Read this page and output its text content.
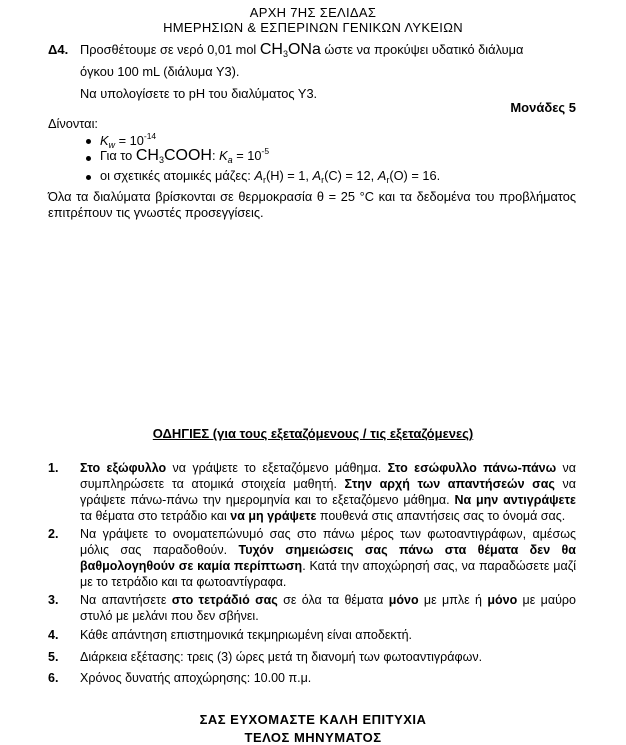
ΑΡΧΗ 7ΗΣ ΣΕΛΙΔΑΣ
ΗΜΕΡΗΣΙΩΝ & ΕΣΠΕΡΙΝΩΝ ΓΕΝΙΚΩΝ ΛΥΚΕΙΩΝ
Δ4. Προσθέτουμε σε νερό 0,01 mol $CH_3ONa$ ώστε να προκύψει υδατικό διάλυμα
όγκου 100 mL (διάλυμα Υ3).
Να υπολογίσετε το pH του διαλύματος Υ3.
Μονάδες 5
Δίνονται:
$K_w = 10^{-14}$
Για το $CH_3COOH$: $K_a = 10^{-5}$
οι σχετικές ατομικές μάζες: $A_r(H) = 1$, $A_r(C) = 12$, $A_r(O) = 16$.
Όλα τα διαλύματα βρίσκονται σε θερμοκρασία θ = 25 °C και τα δεδομένα του προβλήματος επιτρέπουν τις γνωστές προσεγγίσεις.
ΟΔΗΓΙΕΣ (για τους εξεταζόμενους / τις εξεταζόμενες)
1. Στο εξώφυλλο να γράψετε το εξεταζόμενο μάθημα. Στο εσώφυλλο πάνω-πάνω να συμπληρώσετε τα ατομικά στοιχεία μαθητή. Στην αρχή των απαντήσεών σας να γράψετε πάνω-πάνω την ημερομηνία και το εξεταζόμενο μάθημα. Να μην αντιγράψετε τα θέματα στο τετράδιο και να μη γράψετε πουθενά στις απαντήσεις σας το όνομά σας.
2. Να γράψετε το ονοματεπώνυμό σας στο πάνω μέρος των φωτοαντιγράφων, αμέσως μόλις σας παραδοθούν. Τυχόν σημειώσεις σας πάνω στα θέματα δεν θα βαθμολογηθούν σε καμία περίπτωση. Κατά την αποχώρησή σας, να παραδώσετε μαζί με το τετράδιο και τα φωτοαντίγραφα.
3. Να απαντήσετε στο τετράδιό σας σε όλα τα θέματα μόνο με μπλε ή μόνο με μαύρο στυλό με μελάνι που δεν σβήνει.
4. Κάθε απάντηση επιστημονικά τεκμηριωμένη είναι αποδεκτή.
5. Διάρκεια εξέτασης: τρεις (3) ώρες μετά τη διανομή των φωτοαντιγράφων.
6. Χρόνος δυνατής αποχώρησης: 10.00 π.μ.
ΣΑΣ ΕΥΧΟΜΑΣΤΕ ΚΑΛΗ ΕΠΙΤΥΧΙΑ
ΤΕΛΟΣ ΜΗΝΥΜΑΤΟΣ
